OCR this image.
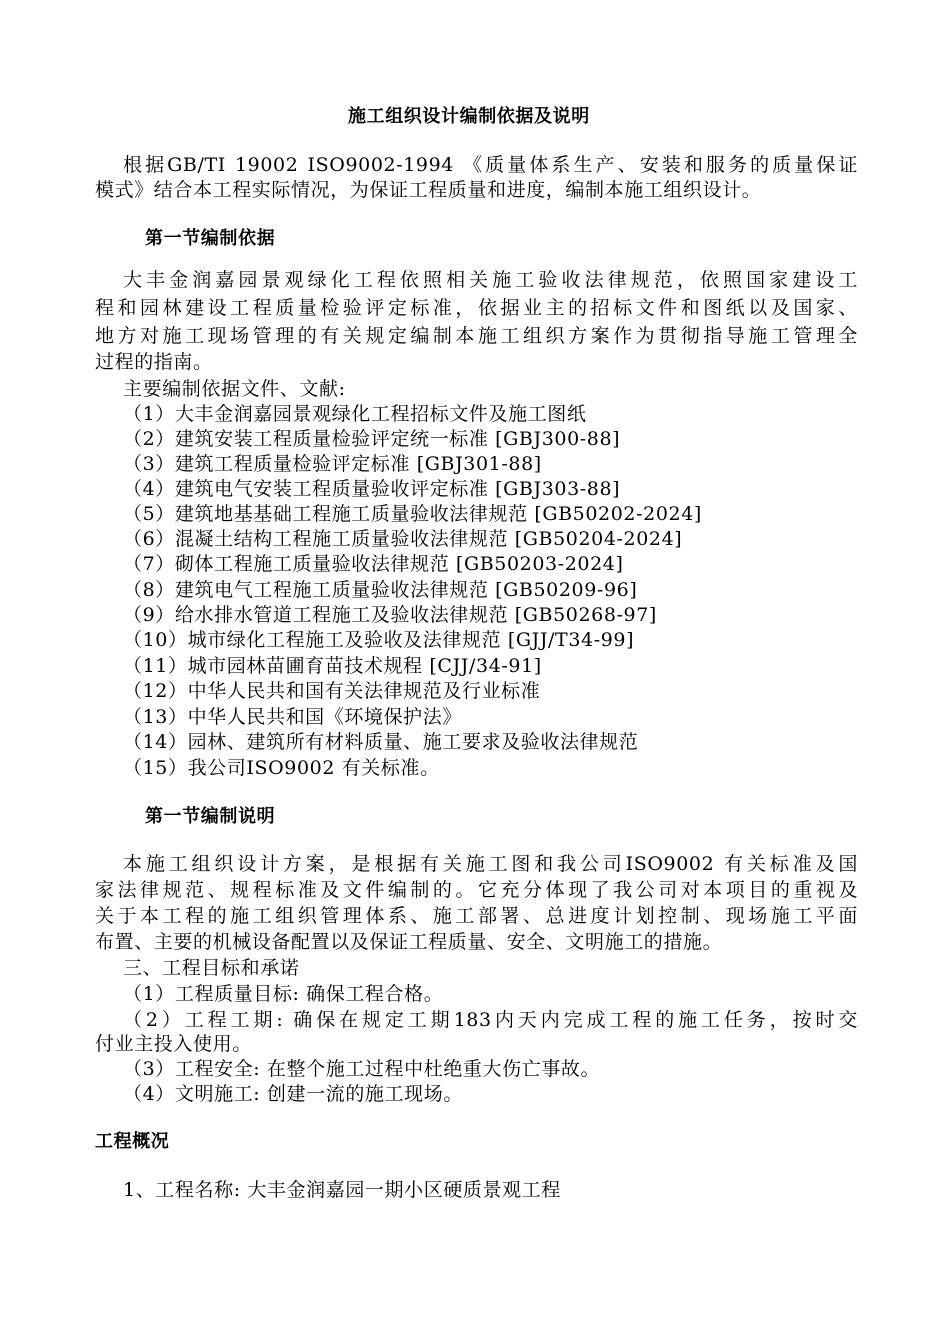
施工组织设计编制依据及说明
根据GB/TI 19002 ISO9002-1994 《质量体系生产、安装和服务的质量保证
模式》结合本工程实际情况，为保证工程质量和进度，编制本施工组织设计。
第一节编制依据
大丰金润嘉园景观绿化工程依照相关施工验收法律规范，依照国家建设工
程和园林建设工程质量检验评定标准，依据业主的招标文件和图纸以及国家、
地方对施工现场管理的有关规定编制本施工组织方案作为贯彻指导施工管理全
过程的指南。
主要编制依据文件、文献:
（1）大丰金润嘉园景观绿化工程招标文件及施工图纸
（2）建筑安装工程质量检验评定统一标准 [GBJ300-88]
（3）建筑工程质量检验评定标准 [GBJ301-88]
（4）建筑电气安装工程质量验收评定标准 [GBJ303-88]
（5）建筑地基基础工程施工质量验收法律规范 [GB50202-2024]
（6）混凝土结构工程施工质量验收法律规范 [GB50204-2024]
（7）砌体工程施工质量验收法律规范 [GB50203-2024]
（8）建筑电气工程施工质量验收法律规范 [GB50209-96]
（9）给水排水管道工程施工及验收法律规范 [GB50268-97]
（10）城市绿化工程施工及验收及法律规范 [GJJ/T34-99]
（11）城市园林苗圃育苗技术规程 [CJJ/34-91]
（12）中华人民共和国有关法律规范及行业标准
（13）中华人民共和国《环境保护法》
（14）园林、建筑所有材料质量、施工要求及验收法律规范
（15）我公司ISO9002 有关标准。
第一节编制说明
本施工组织设计方案，是根据有关施工图和我公司ISO9002 有关标准及国
家法律规范、规程标准及文件编制的。它充分体现了我公司对本项目的重视及
关于本工程的施工组织管理体系、施工部署、总进度计划控制、现场施工平面
布置、主要的机械设备配置以及保证工程质量、安全、文明施工的措施。
三、工程目标和承诺
（1）工程质量目标: 确保工程合格。
（2）工程工期: 确保在规定工期183内天内完成工程的施工任务，按时交
付业主投入使用。
（3）工程安全: 在整个施工过程中杜绝重大伤亡事故。
（4）文明施工: 创建一流的施工现场。
工程概况
1、工程名称: 大丰金润嘉园一期小区硬质景观工程
